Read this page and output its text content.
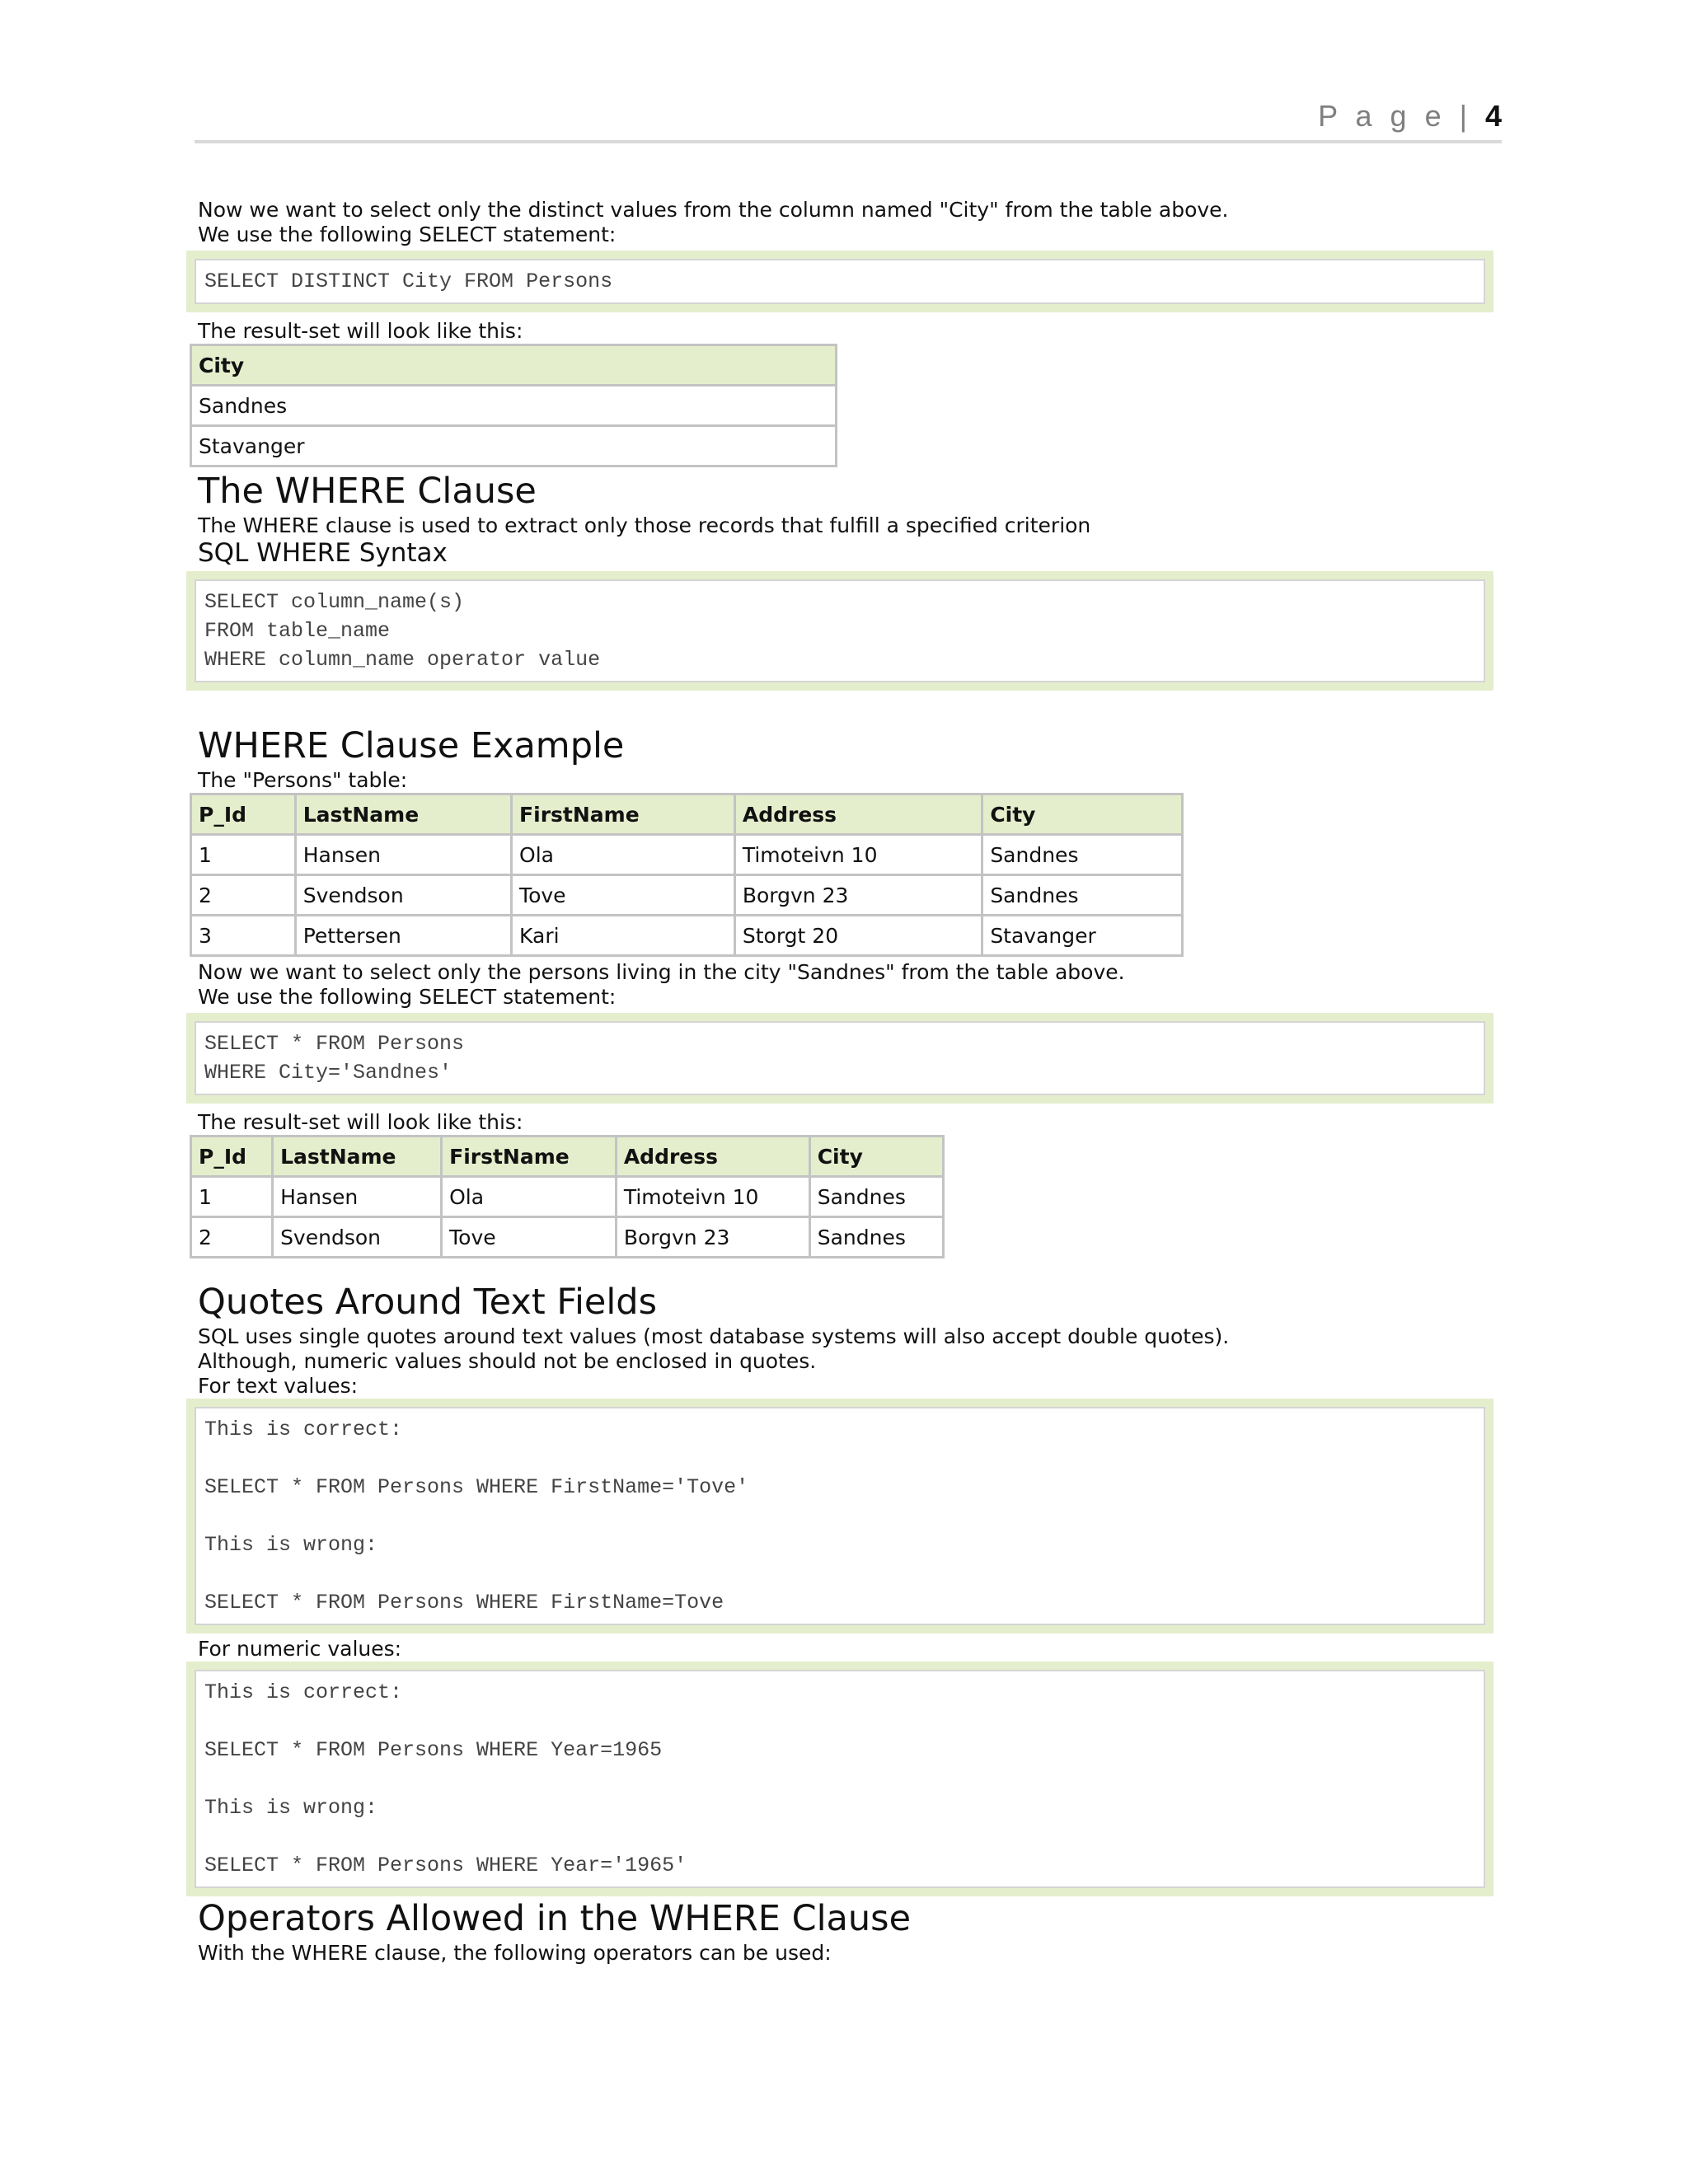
P a g e | 4

Now we want to select only the distinct values from the column named "City" from the table above.

We use the following SELECT statement:

SELECT DISTINCT City FROM Persons

The result-set will look like this:

City
Sandnes
Stavanger
The WHERE Clause

The WHERE clause is used to extract only those records that fulfill a specified criterion

SQL WHERE Syntax
SELECT column_name(s)
FROM table_name
WHERE column_name operator value
WHERE Clause Example

The "Persons" table:

P_Id	LastName	FirstName	Address	City
1	Hansen	Ola	Timoteivn 10	Sandnes
2	Svendson	Tove	Borgvn 23	Sandnes
3	Pettersen	Kari	Storgt 20	Stavanger

Now we want to select only the persons living in the city "Sandnes" from the table above.

We use the following SELECT statement:

SELECT * FROM Persons
WHERE City='Sandnes'

The result-set will look like this:

P_Id	LastName	FirstName	Address	City
1	Hansen	Ola	Timoteivn 10	Sandnes
2	Svendson	Tove	Borgvn 23	Sandnes
Quotes Around Text Fields

SQL uses single quotes around text values (most database systems will also accept double quotes).

Although, numeric values should not be enclosed in quotes.

For text values:

This is correct:
SELECT * FROM Persons WHERE FirstName='Tove'
This is wrong:
SELECT * FROM Persons WHERE FirstName=Tove

For numeric values:

This is correct:
SELECT * FROM Persons WHERE Year=1965
This is wrong:
SELECT * FROM Persons WHERE Year='1965'
Operators Allowed in the WHERE Clause

With the WHERE clause, the following operators can be used:
